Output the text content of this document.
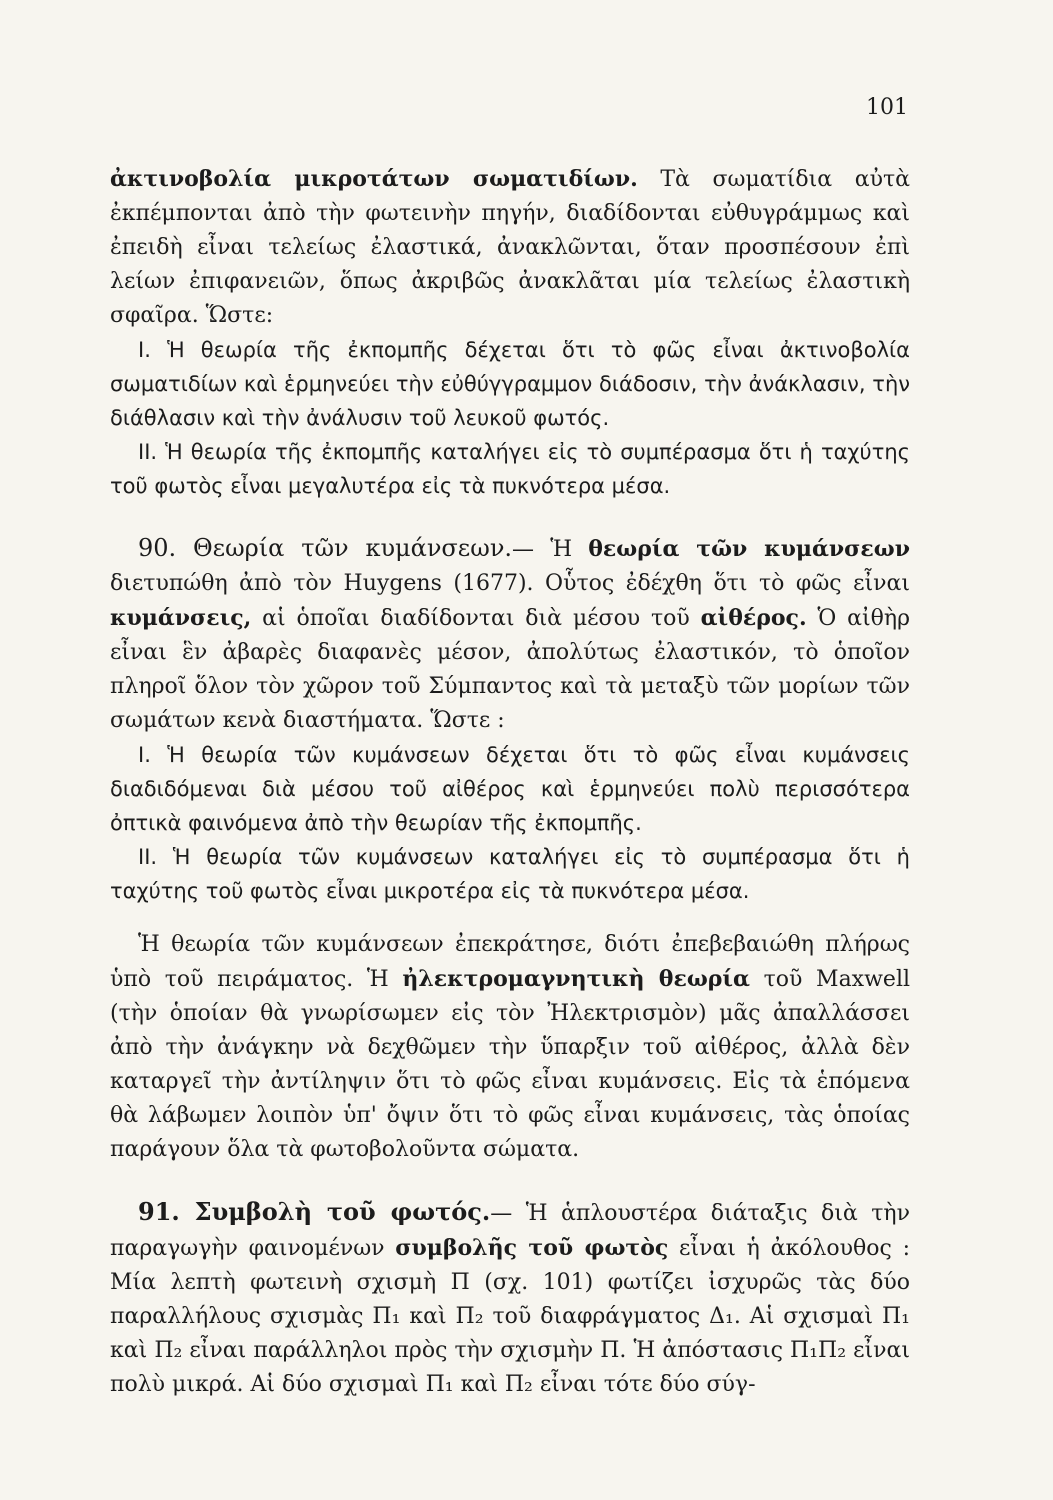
101

ἀκτινοβολία μικροτάτων σωματιδίων. Τὰ σωματίδια αὐτὰ ἐκπέμπονται ἀπὸ τὴν φωτεινὴν πηγήν, διαδίδονται εὐθυγράμμως καὶ ἐπειδὴ εἶναι τελείως ἐλαστικά, ἀνακλῶνται, ὅταν προσπέσουν ἐπὶ λείων ἐπιφανειῶν, ὅπως ἀκριβῶς ἀνακλᾶται μία τελείως ἐλαστικὴ σφαῖρα. Ὥστε:

I. Ἡ θεωρία τῆς ἐκπομπῆς δέχεται ὅτι τὸ φῶς εἶναι ἀκτινοβολία σωματιδίων καὶ ἑρμηνεύει τὴν εὐθύγγραμμον διάδοσιν, τὴν ἀνάκλασιν, τὴν διάθλασιν καὶ τὴν ἀνάλυσιν τοῦ λευκοῦ φωτός.

II. Ἡ θεωρία τῆς ἐκπομπῆς καταλήγει εἰς τὸ συμπέρασμα ὅτι ἡ ταχύτης τοῦ φωτὸς εἶναι μεγαλυτέρα εἰς τὰ πυκνότερα μέσα.

90. Θεωρία τῶν κυμάνσεων.— Ἡ θεωρία τῶν κυμάνσεων διετυπώθη ἀπὸ τὸν Huygens (1677). Οὗτος ἐδέχθη ὅτι τὸ φῶς εἶναι κυμάνσεις, αἱ ὁποῖαι διαδίδονται διὰ μέσου τοῦ αἰθέρος. Ὁ αἰθὴρ εἶναι ἓν ἀβαρὲς διαφανὲς μέσον, ἀπολύτως ἐλαστικόν, τὸ ὁποῖον πληροῖ ὅλον τὸν χῶρον τοῦ Σύμπαντος καὶ τὰ μεταξὺ τῶν μορίων τῶν σωμάτων κενὰ διαστήματα. Ὥστε :

I. Ἡ θεωρία τῶν κυμάνσεων δέχεται ὅτι τὸ φῶς εἶναι κυμάνσεις διαδιδόμεναι διὰ μέσου τοῦ αἰθέρος καὶ ἑρμηνεύει πολὺ περισσότερα ὀπτικὰ φαινόμενα ἀπὸ τὴν θεωρίαν τῆς ἐκπομπῆς.

II. Ἡ θεωρία τῶν κυμάνσεων καταλήγει εἰς τὸ συμπέρασμα ὅτι ἡ ταχύτης τοῦ φωτὸς εἶναι μικροτέρα εἰς τὰ πυκνότερα μέσα.

Ἡ θεωρία τῶν κυμάνσεων ἐπεκράτησε, διότι ἐπεβεβαιώθη πλήρως ὑπὸ τοῦ πειράματος. Ἡ ἠλεκτρομαγνητικὴ θεωρία τοῦ Maxwell (τὴν ὁποίαν θὰ γνωρίσωμεν εἰς τὸν Ἠλεκτρισμὸν) μᾶς ἀπαλλάσσει ἀπὸ τὴν ἀνάγκην νὰ δεχθῶμεν τὴν ὕπαρξιν τοῦ αἰθέρος, ἀλλὰ δὲν καταργεῖ τὴν ἀντίληψιν ὅτι τὸ φῶς εἶναι κυμάνσεις. Εἰς τὰ ἑπόμενα θὰ λάβωμεν λοιπὸν ὑπ' ὄψιν ὅτι τὸ φῶς εἶναι κυμάνσεις, τὰς ὁποίας παράγουν ὅλα τὰ φωτοβολοῦντα σώματα.

91. Συμβολὴ τοῦ φωτός.— Ἡ ἁπλουστέρα διάταξις διὰ τὴν παραγωγὴν φαινομένων συμβολῆς τοῦ φωτὸς εἶναι ἡ ἀκόλουθος : Μία λεπτὴ φωτεινὴ σχισμὴ Π (σχ. 101) φωτίζει ἰσχυρῶς τὰς δύο παραλλήλους σχισμὰς Π₁ καὶ Π₂ τοῦ διαφράγματος Δ₁. Αἱ σχισμαὶ Π₁ καὶ Π₂ εἶναι παράλληλοι πρὸς τὴν σχισμὴν Π. Ἡ ἀπόστασις Π₁Π₂ εἶναι πολὺ μικρά. Αἱ δύο σχισμαὶ Π₁ καὶ Π₂ εἶναι τότε δύο σύγ-
